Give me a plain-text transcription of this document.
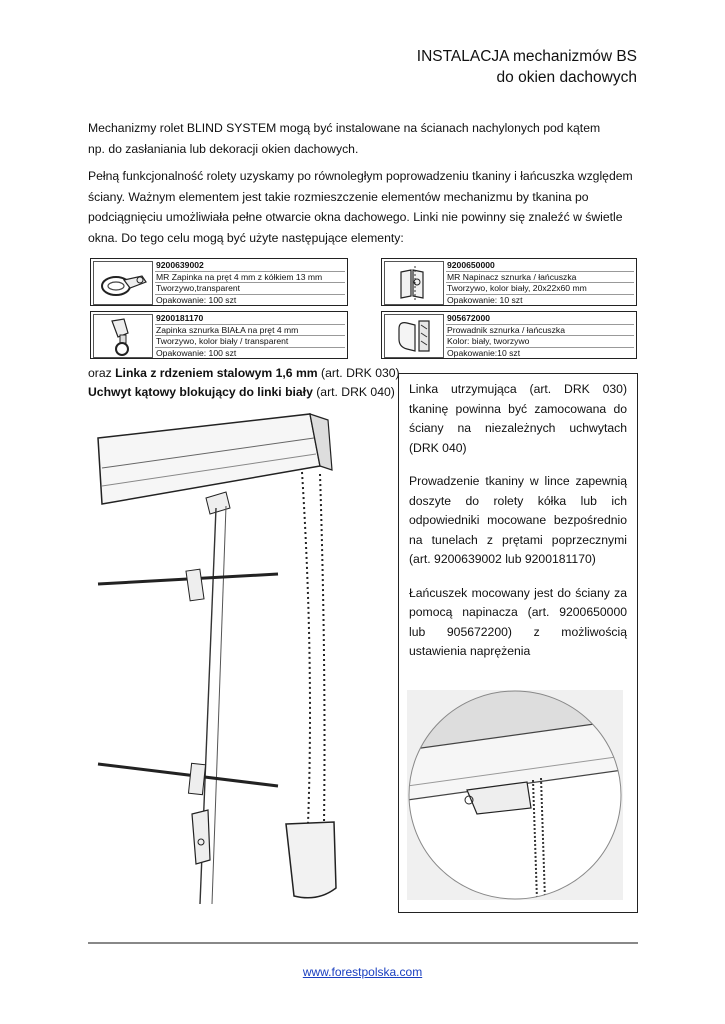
INSTALACJA mechanizmów BS
do okien dachowych
Mechanizmy rolet BLIND SYSTEM mogą być instalowane na ścianach nachylonych pod kątem
np. do zasłaniania lub dekoracji okien dachowych.
Pełną funkcjonalność rolety uzyskamy po równoległym poprowadzeniu tkaniny i łańcuszka względem
ściany. Ważnym elementem jest takie rozmieszczenie elementów mechanizmu by tkanina po
podciągnięciu umożliwiała pełne otwarcie okna dachowego. Linki nie powinny się znaleźć w świetle
okna. Do tego celu mogą być użyte następujące elementy:
9200639002
MR Zapinka na pręt 4 mm z kółkiem 13 mm
Tworzywo,transparent
Opakowanie: 100 szt
9200181170
Zapinka sznurka BIAŁA na pręt 4 mm
Tworzywo, kolor biały / transparent
Opakowanie: 100 szt
9200650000
MR Napinacz sznurka / łańcuszka
Tworzywo, kolor biały, 20x22x60 mm
Opakowanie: 10 szt
905672000
Prowadnik sznurka / łańcuszka
Kolor: biały, tworzywo
Opakowanie:10 szt
oraz Linka z rdzeniem stalowym 1,6 mm (art. DRK 030)
Uchwyt kątowy blokujący do linki biały (art. DRK 040)	Linka utrzymująca (art. DRK 030) tkaninę powinna być zamocowana do ściany na niezależnych uchwytach (DRK 040)

Prowadzenie tkaniny w lince zapewnią doszyte do rolety kółka lub ich odpowiedniki mocowane bezpośrednio na tunelach z prętami poprzecznymi (art. 9200639002 lub 9200181170)

Łańcuszek mocowany jest do ściany za pomocą napinacza (art. 9200650000 lub 905672200) z możliwością ustawienia naprężenia

www.forestpolska.com
